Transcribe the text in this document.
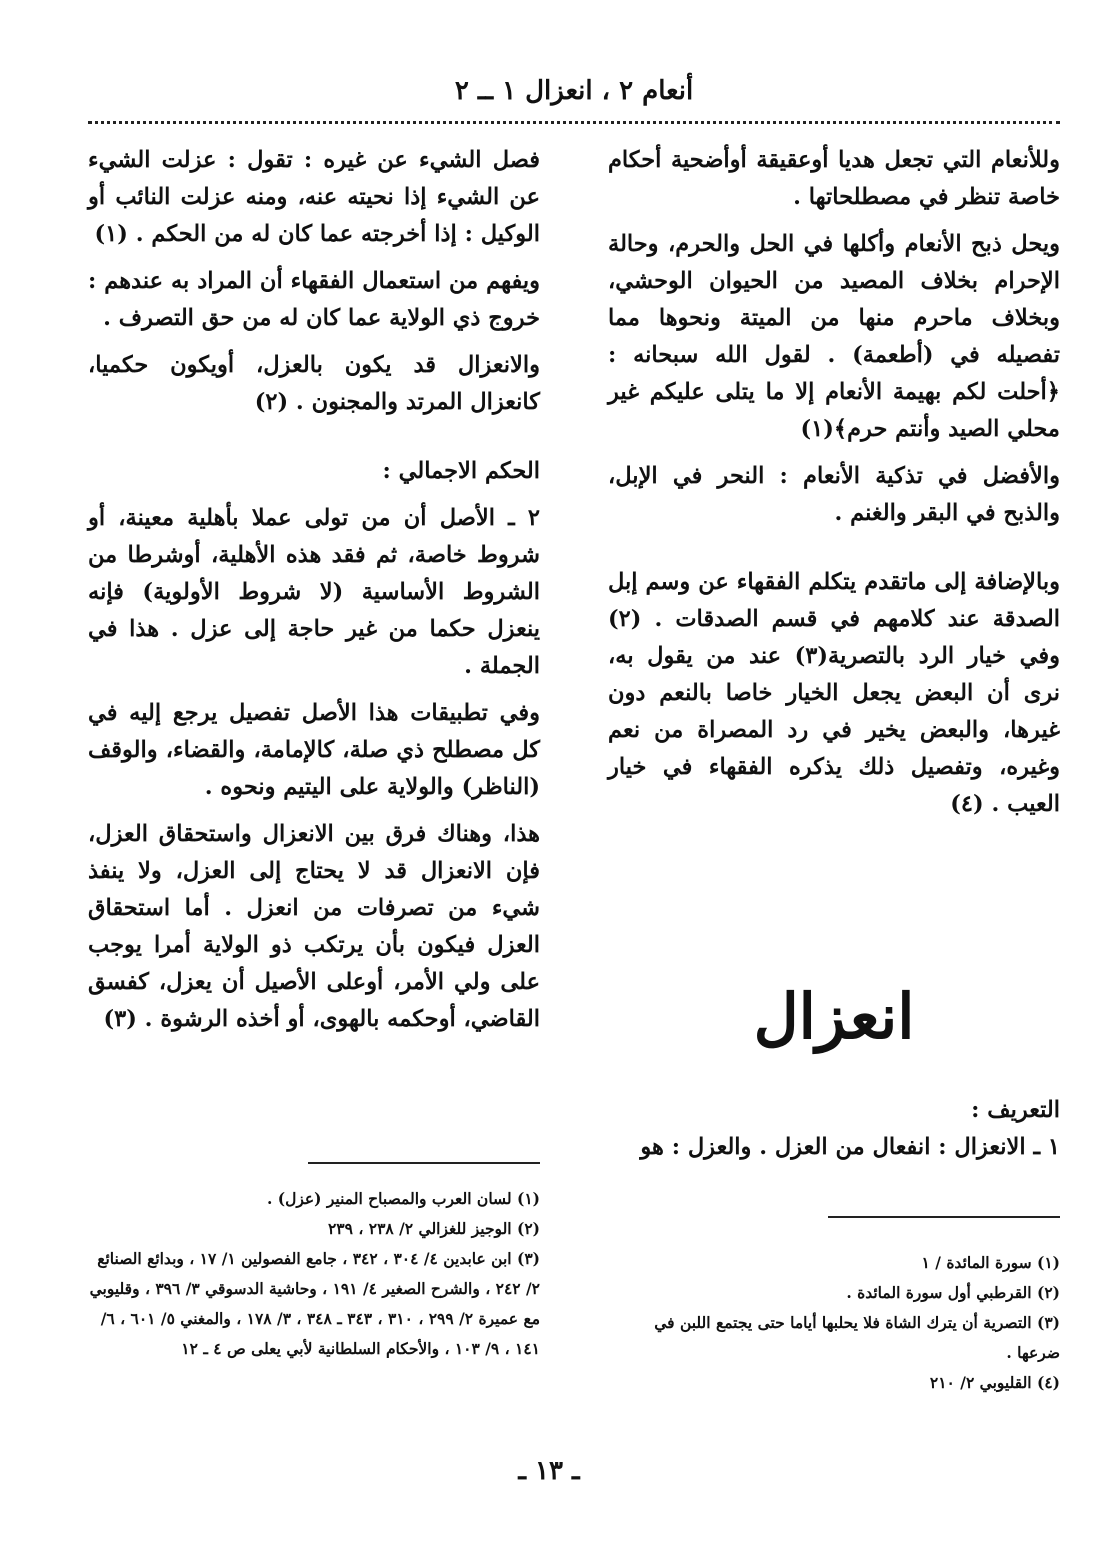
أنعام ٢ ، انعزال ١ ــ ٢

وللأنعام التي تجعل هديا أوعقيقة أوأضحية أحكام خاصة تنظر في مصطلحاتها .

ويحل ذبح الأنعام وأكلها في الحل والحرم، وحالة الإحرام بخلاف المصيد من الحيوان الوحشي، وبخلاف ماحرم منها من الميتة ونحوها مما تفصيله في (أطعمة) . لقول الله سبحانه : ﴿أحلت لكم بهيمة الأنعام إلا ما يتلى عليكم غير محلي الصيد وأنتم حرم﴾(١)

والأفضل في تذكية الأنعام : النحر في الإبل، والذبح في البقر والغنم .

وبالإضافة إلى ماتقدم يتكلم الفقهاء عن وسم إبل الصدقة عند كلامهم في قسم الصدقات . (٢) وفي خيار الرد بالتصرية(٣) عند من يقول به، نرى أن البعض يجعل الخيار خاصا بالنعم دون غيرها، والبعض يخير في رد المصراة من نعم وغيره، وتفصيل ذلك يذكره الفقهاء في خيار العيب . (٤)

انعزال

التعريف :

١ ـ الانعزال : انفعال من العزل . والعزل : هو

فصل الشيء عن غيره : تقول : عزلت الشيء عن الشيء إذا نحيته عنه، ومنه عزلت النائب أو الوكيل : إذا أخرجته عما كان له من الحكم . (١)

ويفهم من استعمال الفقهاء أن المراد به عندهم : خروج ذي الولاية عما كان له من حق التصرف .

والانعزال قد يكون بالعزل، أويكون حكميا، كانعزال المرتد والمجنون . (٢)

الحكم الاجمالي :

٢ ـ الأصل أن من تولى عملا بأهلية معينة، أو شروط خاصة، ثم فقد هذه الأهلية، أوشرطا من الشروط الأساسية (لا شروط الأولوية) فإنه ينعزل حكما من غير حاجة إلى عزل . هذا في الجملة .

وفي تطبيقات هذا الأصل تفصيل يرجع إليه في كل مصطلح ذي صلة، كالإمامة، والقضاء، والوقف (الناظر) والولاية على اليتيم ونحوه .

هذا، وهناك فرق بين الانعزال واستحقاق العزل، فإن الانعزال قد لا يحتاج إلى العزل، ولا ينفذ شيء من تصرفات من انعزل . أما استحقاق العزل فيكون بأن يرتكب ذو الولاية أمرا يوجب على ولي الأمر، أوعلى الأصيل أن يعزل، كفسق القاضي، أوحكمه بالهوى، أو أخذه الرشوة . (٣)

(١) سورة المائدة / ١
(٢) القرطبي أول سورة المائدة .
(٣) التصرية أن يترك الشاة فلا يحلبها أياما حتى يجتمع اللبن في ضرعها .
(٤) القليوبي ٢/ ٢١٠
(١) لسان العرب والمصباح المنير (عزل) .
(٢) الوجيز للغزالي ٢/ ٢٣٨ ، ٢٣٩
(٣) ابن عابدين ٤/ ٣٠٤ ، ٣٤٢ ، جامع الفصولين ١/ ١٧ ، وبدائع الصنائع ٢/ ٢٤٢ ، والشرح الصغير ٤/ ١٩١ ، وحاشية الدسوقي ٣/ ٣٩٦ ، وقليوبي مع عميرة ٢/ ٢٩٩ ، ٣١٠ ، ٣٤٣ ـ ٣٤٨ ، ٣/ ١٧٨ ، والمغني ٥/ ٦٠١ ، ٦/ ١٤١ ، ٩/ ١٠٣ ، والأحكام السلطانية لأبي يعلى ص ٤ ـ ١٢
ـ ١٣ ـ
